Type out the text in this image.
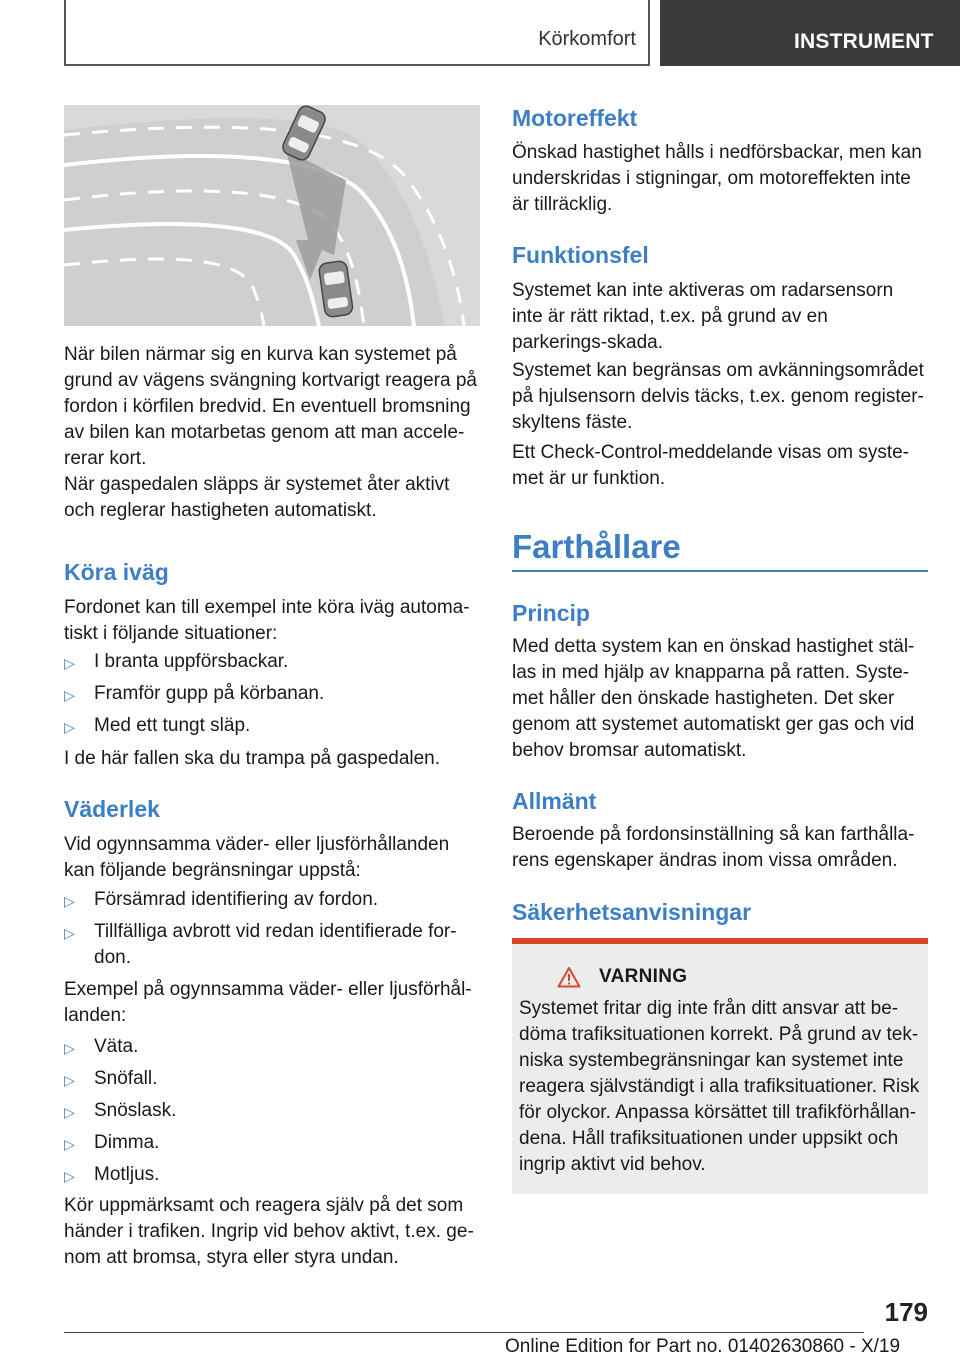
Körkomfort	INSTRUMENT

När bilen närmar sig en kurva kan systemet på grund av vägens svängning kortvarigt reagera på fordon i körfilen bredvid. En eventuell bromsning av bilen kan motarbetas genom att man accele-rerar kort.

När gaspedalen släpps är systemet åter aktivt och reglerar hastigheten automatiskt.

Köra iväg

Fordonet kan till exempel inte köra iväg automa-tiskt i följande situationer:

▷ I branta uppförsbackar.
▷ Framför gupp på körbanan.
▷ Med ett tungt släp.

I de här fallen ska du trampa på gaspedalen.

Väderlek

Vid ogynnsamma väder- eller ljusförhållanden kan följande begränsningar uppstå:

▷ Försämrad identifiering av fordon.
▷ Tillfälliga avbrott vid redan identifierade for-don.

Exempel på ogynnsamma väder- eller ljusförhål-landen:

▷ Väta.
▷ Snöfall.
▷ Snöslask.
▷ Dimma.
▷ Motljus.

Kör uppmärksamt och reagera själv på det som händer i trafiken. Ingrip vid behov aktivt, t.ex. ge-nom att bromsa, styra eller styra undan.

Motoreffekt

Önskad hastighet hålls i nedförsbackar, men kan underskridas i stigningar, om motoreffekten inte är tillräcklig.

Funktionsfel

Systemet kan inte aktiveras om radarsensorn inte är rätt riktad, t.ex. på grund av en parkerings-skada.

Systemet kan begränsas om avkänningsområdet på hjulsensorn delvis täcks, t.ex. genom register-skyltens fäste.

Ett Check-Control-meddelande visas om syste-met är ur funktion.

Farthållare
Princip

Med detta system kan en önskad hastighet stäl-las in med hjälp av knapparna på ratten. Syste-met håller den önskade hastigheten. Det sker genom att systemet automatiskt ger gas och vid behov bromsar automatiskt.

Allmänt

Beroende på fordonsinställning så kan farthålla-rens egenskaper ändras inom vissa områden.

Säkerhetsanvisningar
VARNING

Systemet fritar dig inte från ditt ansvar att be-döma trafiksituationen korrekt. På grund av tek-niska systembegränsningar kan systemet inte reagera självständigt i alla trafiksituationer. Risk för olyckor. Anpassa körsättet till trafikförhållan-dena. Håll trafiksituationen under uppsikt och ingrip aktivt vid behov.

179
Online Edition for Part no. 01402630860 - X/19
